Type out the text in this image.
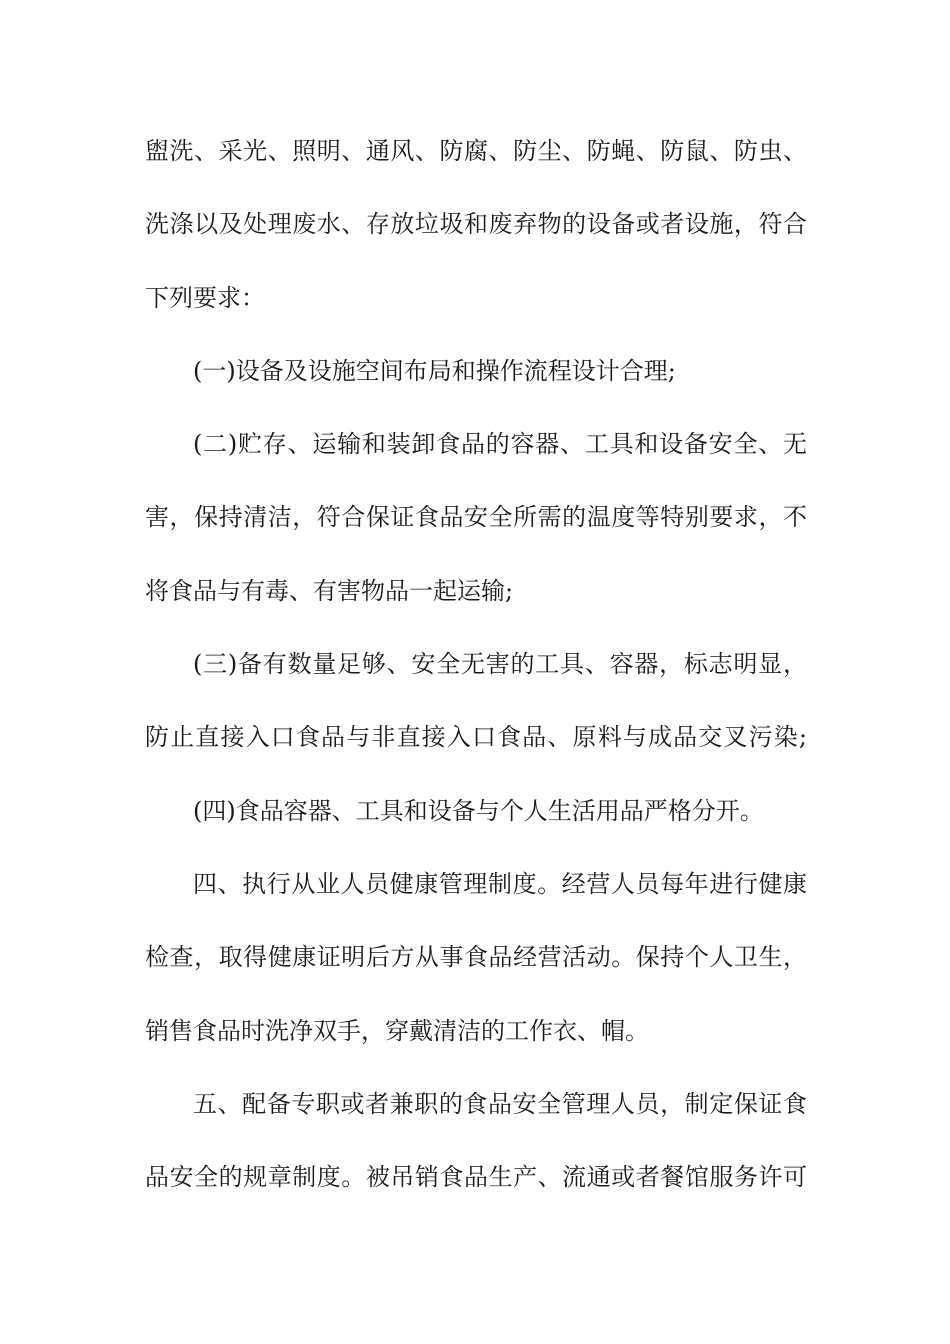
盥洗、采光、照明、通风、防腐、防尘、防蝇、防鼠、防虫、
洗涤以及处理废水、存放垃圾和废弃物的设备或者设施，符合
下列要求：
(一)设备及设施空间布局和操作流程设计合理;
(二)贮存、运输和装卸食品的容器、工具和设备安全、无
害，保持清洁，符合保证食品安全所需的温度等特别要求，不
将食品与有毒、有害物品一起运输;
(三)备有数量足够、安全无害的工具、容器，标志明显，
防止直接入口食品与非直接入口食品、原料与成品交叉污染;
(四)食品容器、工具和设备与个人生活用品严格分开。
四、执行从业人员健康管理制度。经营人员每年进行健康
检查，取得健康证明后方从事食品经营活动。保持个人卫生，
销售食品时洗净双手，穿戴清洁的工作衣、帽。
五、配备专职或者兼职的食品安全管理人员，制定保证食
品安全的规章制度。被吊销食品生产、流通或者餐馆服务许可
